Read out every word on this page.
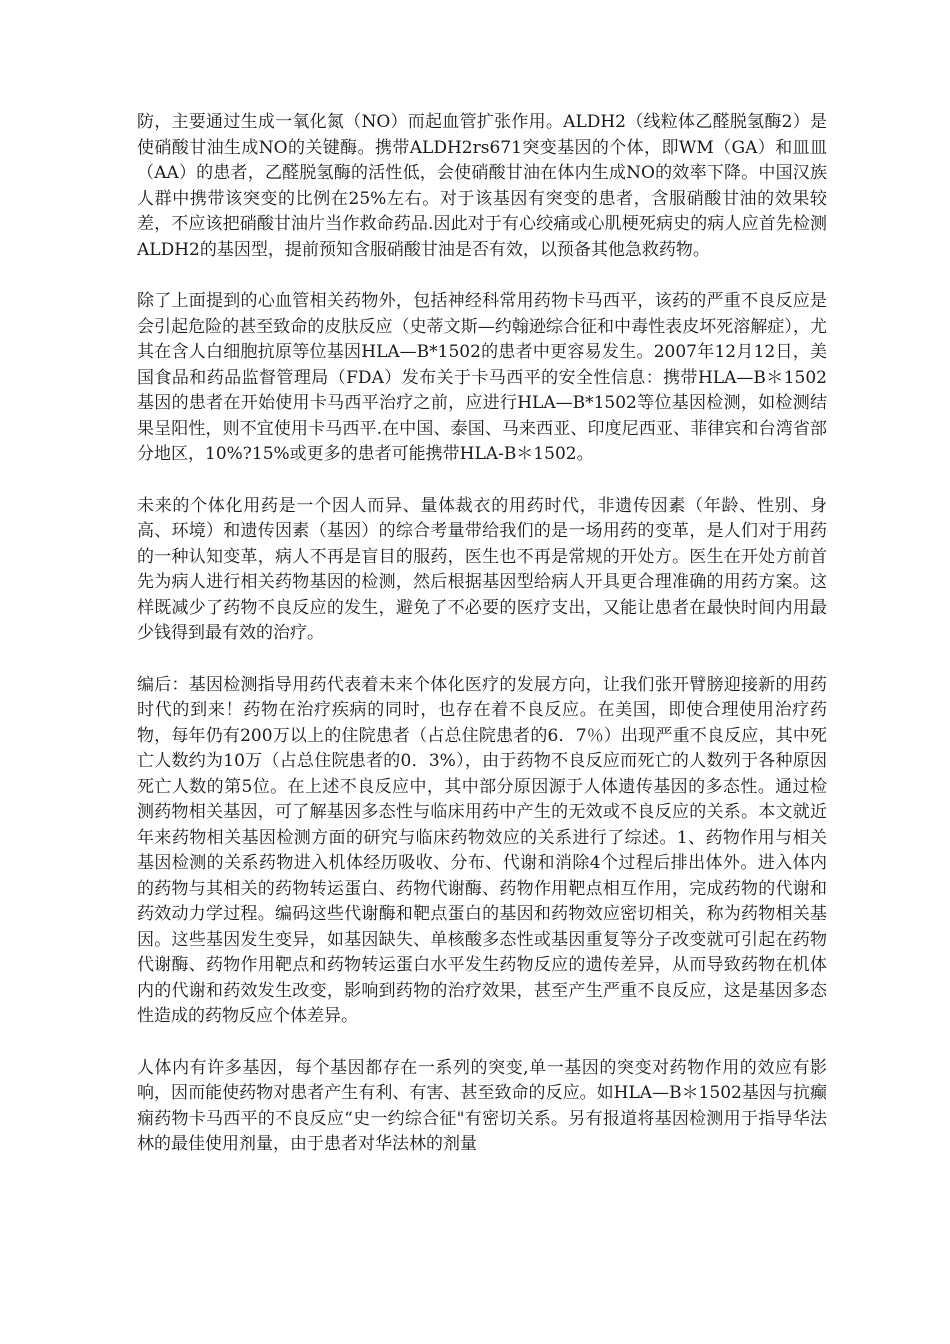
防，主要通过生成一氧化氮（NO）而起血管扩张作用。ALDH2（线粒体乙醛脱氢酶2）是使硝酸甘油生成NO的关键酶。携带ALDH2rs671突变基因的个体，即WM（GA）和皿皿（AA）的患者，乙醛脱氢酶的活性低，会使硝酸甘油在体内生成NO的效率下降。中国汉族人群中携带该突变的比例在25%左右。对于该基因有突变的患者，含服硝酸甘油的效果较差，不应该把硝酸甘油片当作救命药品.因此对于有心绞痛或心肌梗死病史的病人应首先检测ALDH2的基因型，提前预知含服硝酸甘油是否有效，以预备其他急救药物。

除了上面提到的心血管相关药物外，包括神经科常用药物卡马西平，该药的严重不良反应是会引起危险的甚至致命的皮肤反应（史蒂文斯—约翰逊综合征和中毒性表皮坏死溶解症），尤其在含人白细胞抗原等位基因HLA—B*1502的患者中更容易发生。2007年12月12日，美国食品和药品监督管理局（FDA）发布关于卡马西平的安全性信息：携带HLA—B＊1502基因的患者在开始使用卡马西平治疗之前，应进行HLA—B*1502等位基因检测，如检测结果呈阳性，则不宜使用卡马西平.在中国、泰国、马来西亚、印度尼西亚、菲律宾和台湾省部分地区，10%?15%或更多的患者可能携带HLA-B＊1502。

未来的个体化用药是一个因人而异、量体裁衣的用药时代，非遗传因素（年龄、性别、身高、环境）和遗传因素（基因）的综合考量带给我们的是一场用药的变革，是人们对于用药的一种认知变革，病人不再是盲目的服药，医生也不再是常规的开处方。医生在开处方前首先为病人进行相关药物基因的检测，然后根据基因型给病人开具更合理准确的用药方案。这样既减少了药物不良反应的发生，避免了不必要的医疗支出，又能让患者在最快时间内用最少钱得到最有效的治疗。

编后：基因检测指导用药代表着未来个体化医疗的发展方向，让我们张开臂膀迎接新的用药时代的到来！药物在治疗疾病的同时，也存在着不良反应。在美国，即使合理使用治疗药物，每年仍有200万以上的住院患者（占总住院患者的6．7％）出现严重不良反应，其中死亡人数约为10万（占总住院患者的0．3%），由于药物不良反应而死亡的人数列于各种原因死亡人数的第5位。在上述不良反应中，其中部分原因源于人体遗传基因的多态性。通过检测药物相关基因，可了解基因多态性与临床用药中产生的无效或不良反应的关系。本文就近年来药物相关基因检测方面的研究与临床药物效应的关系进行了综述。1、药物作用与相关基因检测的关系药物进入机体经历吸收、分布、代谢和消除4个过程后排出体外。进入体内的药物与其相关的药物转运蛋白、药物代谢酶、药物作用靶点相互作用，完成药物的代谢和药效动力学过程。编码这些代谢酶和靶点蛋白的基因和药物效应密切相关，称为药物相关基因。这些基因发生变异，如基因缺失、单核酸多态性或基因重复等分子改变就可引起在药物代谢酶、药物作用靶点和药物转运蛋白水平发生药物反应的遗传差异，从而导致药物在机体内的代谢和药效发生改变，影响到药物的治疗效果，甚至产生严重不良反应，这是基因多态性造成的药物反应个体差异。

人体内有许多基因，每个基因都存在一系列的突变,单一基因的突变对药物作用的效应有影响，因而能使药物对患者产生有利、有害、甚至致命的反应。如HLA—B＊1502基因与抗癫痫药物卡马西平的不良反应“史一约综合征"有密切关系。另有报道将基因检测用于指导华法林的最佳使用剂量，由于患者对华法林的剂量
